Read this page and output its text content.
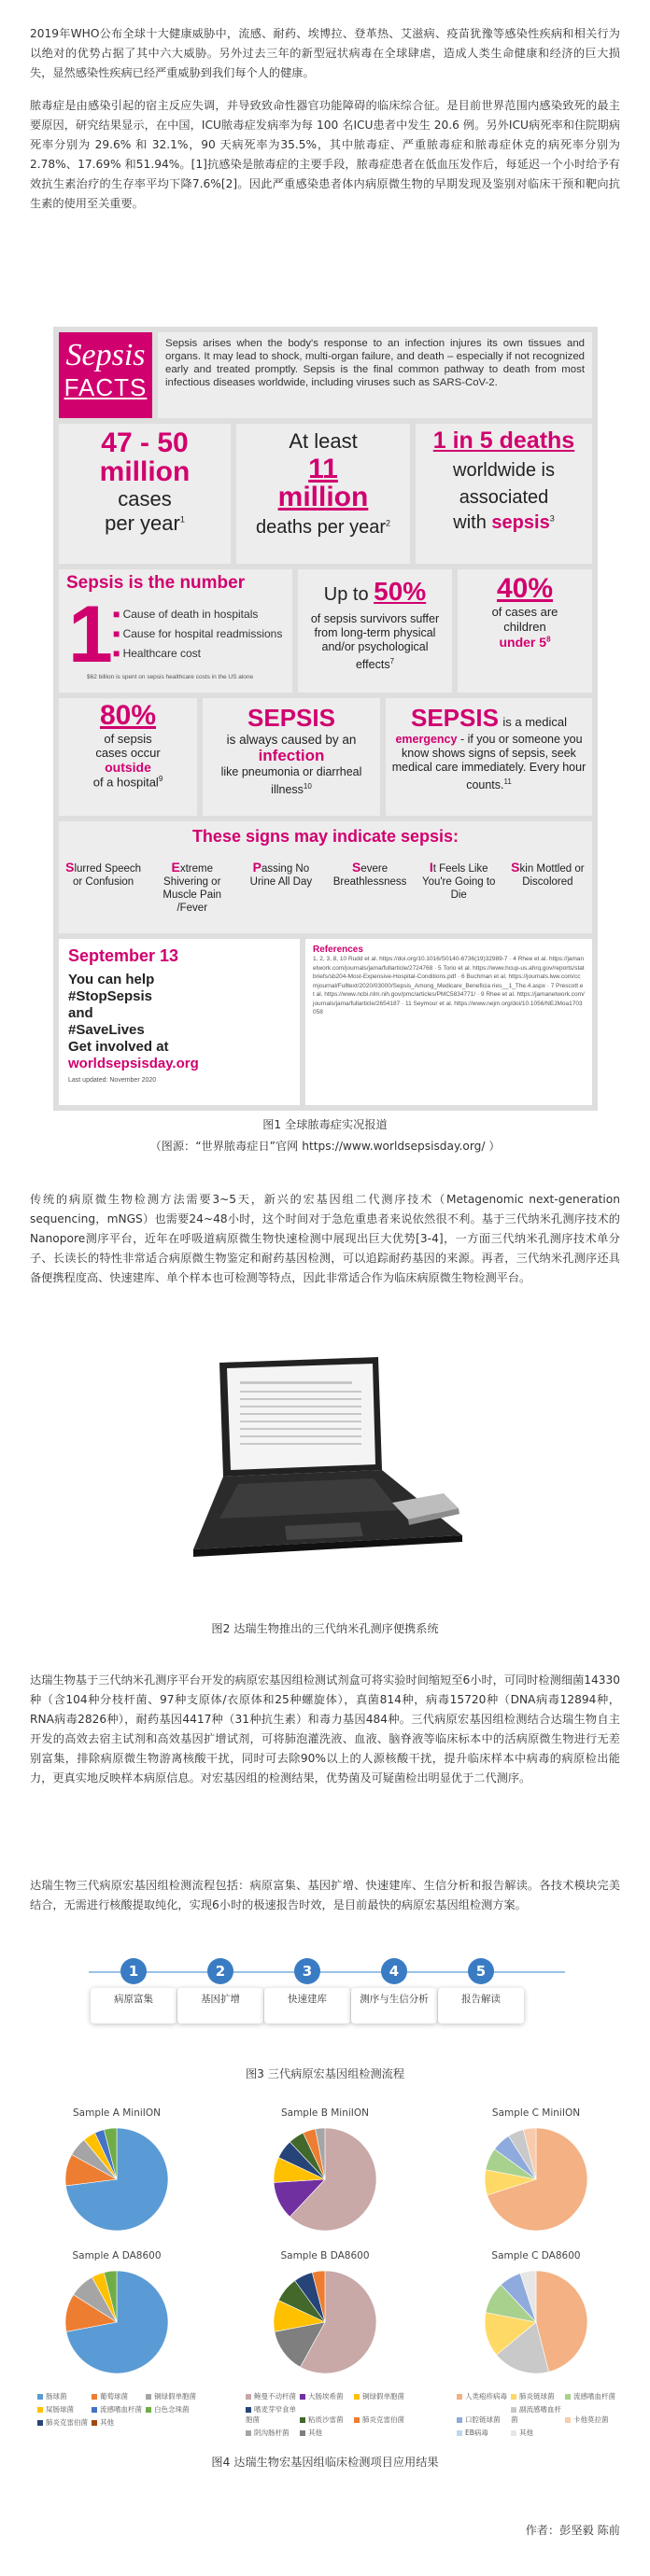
2019年WHO公布全球十大健康威胁中，流感、耐药、埃博拉、登革热、艾滋病、疫苗犹豫等感染性疾病和相关行为以绝对的优势占据了其中六大威胁。另外过去三年的新型冠状病毒在全球肆虐，造成人类生命健康和经济的巨大损失，显然感染性疾病已经严重威胁到我们每个人的健康。

脓毒症是由感染引起的宿主反应失调，并导致致命性器官功能障碍的临床综合征。是目前世界范围内感染致死的最主要原因，研究结果显示，在中国，ICU脓毒症发病率为每 100 名ICU患者中发生 20.6 例。另外ICU病死率和住院期病死率分别为 29.6% 和 32.1%，90 天病死率为35.5%，其中脓毒症、严重脓毒症和脓毒症休克的病死率分别为 2.78%、17.69% 和51.94%。[1]抗感染是脓毒症的主要手段，脓毒症患者在低血压发作后，每延迟一个小时给予有效抗生素治疗的生存率平均下降7.6%[2]。因此严重感染患者体内病原微生物的早期发现及鉴别对临床干预和靶向抗生素的使用至关重要。

Sepsis
FACTS
Sepsis arises when the body's response to an infection injures its own tissues and organs. It may lead to shock, multi-organ failure, and death – especially if not recognized early and treated promptly. Sepsis is the final common pathway to death from most infectious diseases worldwide, including viruses such as SARS-CoV-2.
47 - 50
million
cases
per year$^1$
At least
11
million
deaths per year$^2$
1 in 5 deaths
worldwide is
associated
with sepsis$^3$
Sepsis is the number
1 ■ Cause of death in hospitals
■ Cause for hospital readmissions
■ Healthcare cost
$62 billion is spent on sepsis healthcare costs in the US alone
Up to 50%
of sepsis survivors suffer from long-term physical and/or psychological effects$^7$
40%
of cases are children
under $5^8$
80%
of sepsis cases occur
outside
of a hospital$^9$
SEPSIS
is always caused by an
infection
like pneumonia or diarrheal illness$^{10}$
SEPSIS is a medical
emergency - if you or someone you know shows signs of sepsis, seek medical care immediately. Every hour counts.$^{11}$
These signs may indicate sepsis:
Slurred Speech or Confusion
Extreme Shivering or Muscle Pain /Fever
Passing No Urine All Day
Severe Breathlessness
It Feels Like You're Going to Die
Skin Mottled or Discolored
September 13
You can help
#StopSepsis
and
#SaveLives
Get involved at
worldsepsisday.org
Last updated: November 2020
References
1, 2, 3, 8, 10 Rudd et al. https://doi.org/10.1016/S0140-6736(19)32989-7 · 4 Rhee et al. https://jamanetwork.com/journals/jama/fullarticle/2724768 · 5 Torio et al. https://www.hcup-us.ahrq.gov/reports/statbriefs/sb204-Most-Expensive-Hospital-Conditions.pdf · 6 Buchman et al. https://journals.lww.com/ccmjournal/Fulltext/2020/03000/Sepsis_Among_Medicare_Beneficia ries__1_The.4.aspx · 7 Prescott et al. https://www.ncbi.nlm.nih.gov/pmc/articles/PMC5834771/ · 9 Rhee et al. https://jamanetwork.com/journals/jama/fullarticle/2654187 · 11 Seymour et al. https://www.nejm.org/doi/10.1056/NEJMoa1703058
图1 全球脓毒症实况报道
（图源：“世界脓毒症日”官网 https://www.worldsepsisday.org/ ）

传统的病原微生物检测方法需要3~5天，新兴的宏基因组二代测序技术（Metagenomic next-generation sequencing，mNGS）也需要24~48小时，这个时间对于急危重患者来说依然很不利。基于三代纳米孔测序技术的Nanopore测序平台，近年在呼吸道病原微生物快速检测中展现出巨大优势[3-4]，一方面三代纳米孔测序技术单分子、长读长的特性非常适合病原微生物鉴定和耐药基因检测，可以追踪耐药基因的来源。再者，三代纳米孔测序还具备便携程度高、快速建库、单个样本也可检测等特点，因此非常适合作为临床病原微生物检测平台。

图2 达瑞生物推出的三代纳米孔测序便携系统

达瑞生物基于三代纳米孔测序平台开发的病原宏基因组检测试剂盒可将实验时间缩短至6小时，可同时检测细菌14330种（含104种分枝杆菌、97种支原体/衣原体和25种螺旋体），真菌814种，病毒15720种（DNA病毒12894种，RNA病毒2826种），耐药基因4417种（31种抗生素）和毒力基因484种。三代病原宏基因组检测结合达瑞生物自主开发的高效去宿主试剂和高效基因扩增试剂，可将肺泡灌洗液、血液、脑脊液等临床标本中的活病原微生物进行无差别富集，排除病原微生物游离核酸干扰，同时可去除90%以上的人源核酸干扰，提升临床样本中病毒的病原检出能力，更真实地反映样本病原信息。对宏基因组的检测结果，优势菌及可疑菌检出明显优于二代测序。

达瑞生物三代病原宏基因组检测流程包括：病原富集、基因扩增、快速建库、生信分析和报告解读。各技术模块完美结合，无需进行核酸提取纯化，实现6小时的极速报告时效，是目前最快的病原宏基因组检测方案。

1
病原富集
2
基因扩增
3
快速建库
4
测序与生信分析
5
报告解读
图3 三代病原宏基因组检测流程
Sample A MiniION	Sample B MiniION	Sample C MiniION
Sample A DA8600	Sample B DA8600	Sample C DA8600
肠球菌	葡萄球菌	铜绿假单胞菌屎肠球菌	流感嗜血杆菌 白色念珠菌肺炎克雷伯菌 其他
鲍曼不动杆菌 大肠埃希菌	铜绿假单胞菌嗜麦芽窄食单胞菌	粘质沙雷菌	肺炎克雷伯菌阴沟肠杆菌	其他
人类疱疹病毒 肺炎链球菌	流感嗜血杆菌口腔链球菌副流感嗜血杆菌	卡他莫拉菌EB病毒	其他
图4 达瑞生物宏基因组临床检测项目应用结果
作者：彭坚毅 陈前
